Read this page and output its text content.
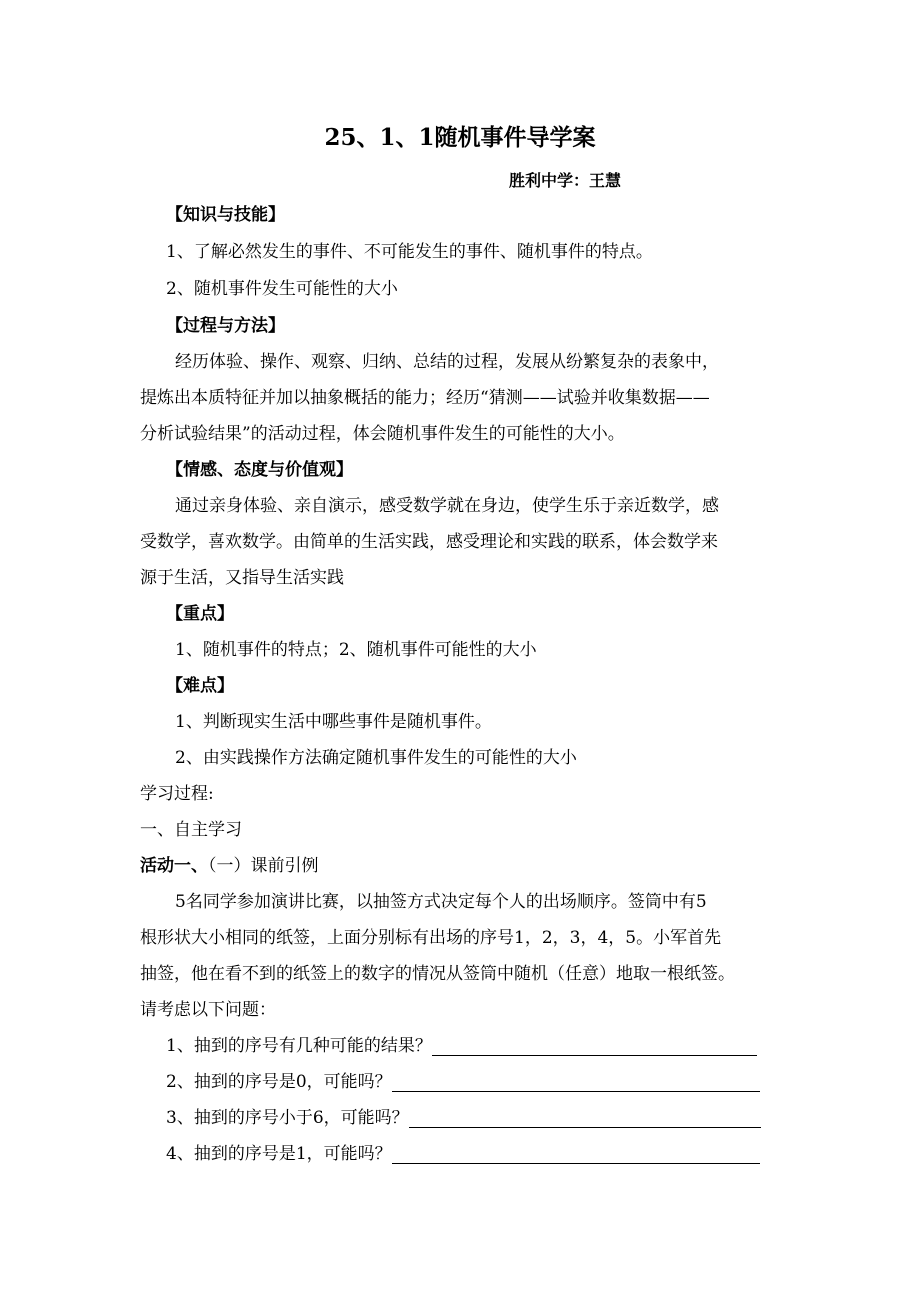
25、1、1随机事件导学案
胜利中学：王慧
【知识与技能】
1、了解必然发生的事件、不可能发生的事件、随机事件的特点。
2、随机事件发生可能性的大小
【过程与方法】
经历体验、操作、观察、归纳、总结的过程，发展从纷繁复杂的表象中，
提炼出本质特征并加以抽象概括的能力；经历“猜测——试验并收集数据——
分析试验结果”的活动过程，体会随机事件发生的可能性的大小。
【情感、态度与价值观】
通过亲身体验、亲自演示，感受数学就在身边，使学生乐于亲近数学，感
受数学，喜欢数学。由简单的生活实践，感受理论和实践的联系，体会数学来
源于生活，又指导生活实践
【重点】
1、随机事件的特点；2、随机事件可能性的大小
【难点】
1、判断现实生活中哪些事件是随机事件。
2、由实践操作方法确定随机事件发生的可能性的大小
学习过程:
一、自主学习
活动一、（一）课前引例
5名同学参加演讲比赛，以抽签方式决定每个人的出场顺序。签筒中有5
根形状大小相同的纸签，上面分别标有出场的序号1，2，3，4，5。小军首先
抽签，他在看不到的纸签上的数字的情况从签筒中随机（任意）地取一根纸签。
请考虑以下问题：
1、抽到的序号有几种可能的结果？
2、抽到的序号是0，可能吗？
3、抽到的序号小于6，可能吗？
4、抽到的序号是1，可能吗？
